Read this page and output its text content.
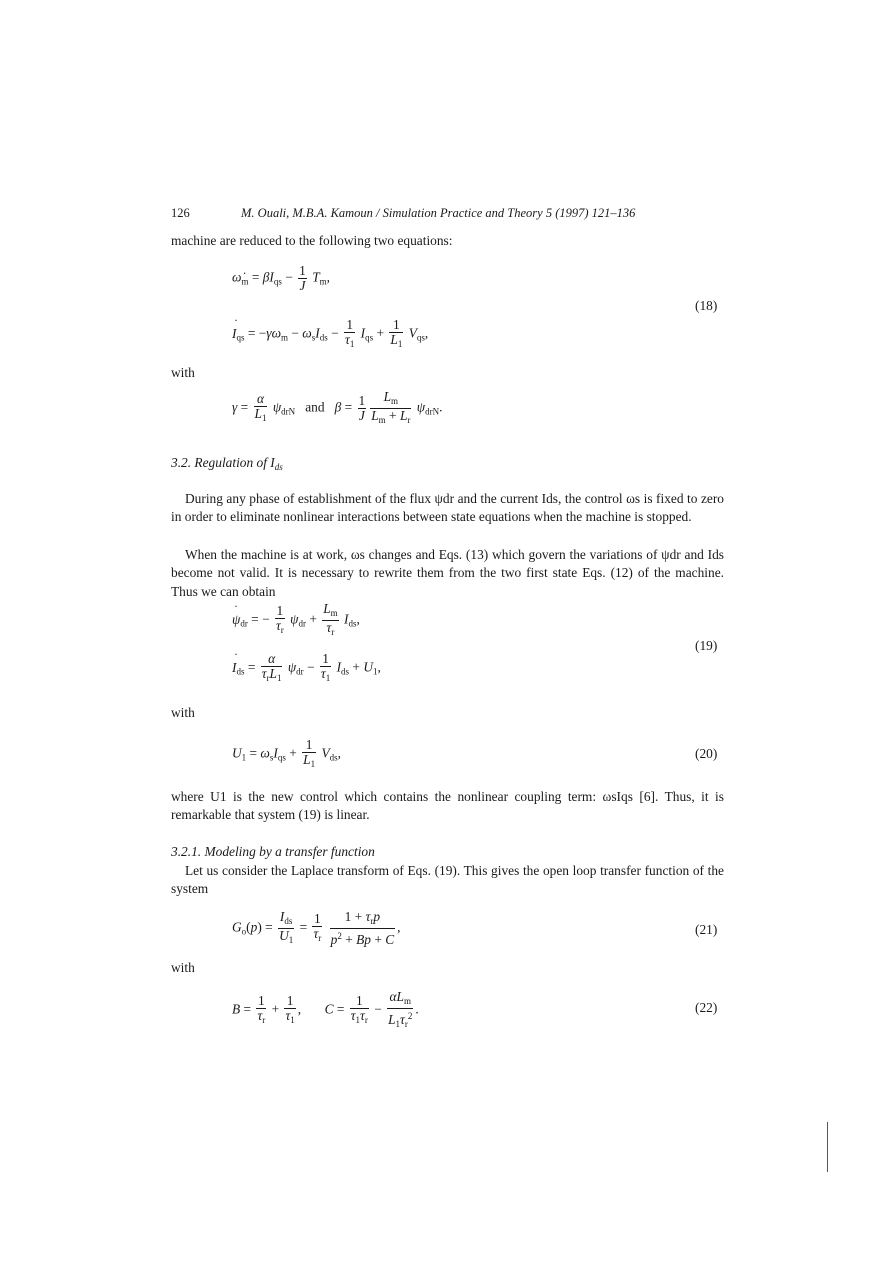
126	M. Ouali, M.B.A. Kamoun / Simulation Practice and Theory 5 (1997) 121–136
machine are reduced to the following two equations:
$\omegȧ_m = \beta I_{qs} - \frac{1}{J} T_m$,
˙ $I_{qs} = -\gamma\omega_m - \omega_sI_{ds} - \frac{1}{\tau_1} I_{qs} + \frac{1}{L_1} V_{qs}$,
(18)
with
$\gamma = \frac{\alpha}{L_1} \psi_{drN}$   and   $\beta = \frac{1}{J} \frac{L_m}{L_m + L_r} \psi_{drN}$.
3.2. Regulation of $I_{ds}$
During any phase of establishment of the flux ψdr and the current Ids, the control ωs is fixed to zero in order to eliminate nonlinear interactions between state equations when the machine is stopped.
When the machine is at work, ωs changes and Eqs. (13) which govern the variations of ψdr and Ids become not valid. It is necessary to rewrite them from the two first state Eqs. (12) of the machine. Thus we can obtain
˙ $\psi_{dr}$ = − $\frac{1}{\tau_r} \psi_{dr} + \frac{L_m}{\tau_r} I_{ds}$,
˙ $I_{ds} = \frac{\alpha}{\tau_rL_1} \psi_{dr} - \frac{1}{\tau_1} I_{ds} + U_1$,
(19)
with
$U_1 = \omega_sI_{qs} + \frac{1}{L_1} V_{ds}$,	(20)
where U1 is the new control which contains the nonlinear coupling term: ωsIqs [6]. Thus, it is remarkable that system (19) is linear.
3.2.1. Modeling by a transfer function
Let us consider the Laplace transform of Eqs. (19). This gives the open loop transfer function of the system
$G_o(p) = \frac{I_{ds}}{U_1} = \frac{1}{\tau_r}$
$\frac{1 + \tau_rp}{p^2 + Bp + C}$ ,	(21)
with
$B = \frac{1}{\tau_r} + \frac{1}{\tau_1}$ ,       $C = \frac{1}{\tau_1\tau_r} - \frac{\alpha L_m}{L_1\tau_r^2}$ .	(22)
